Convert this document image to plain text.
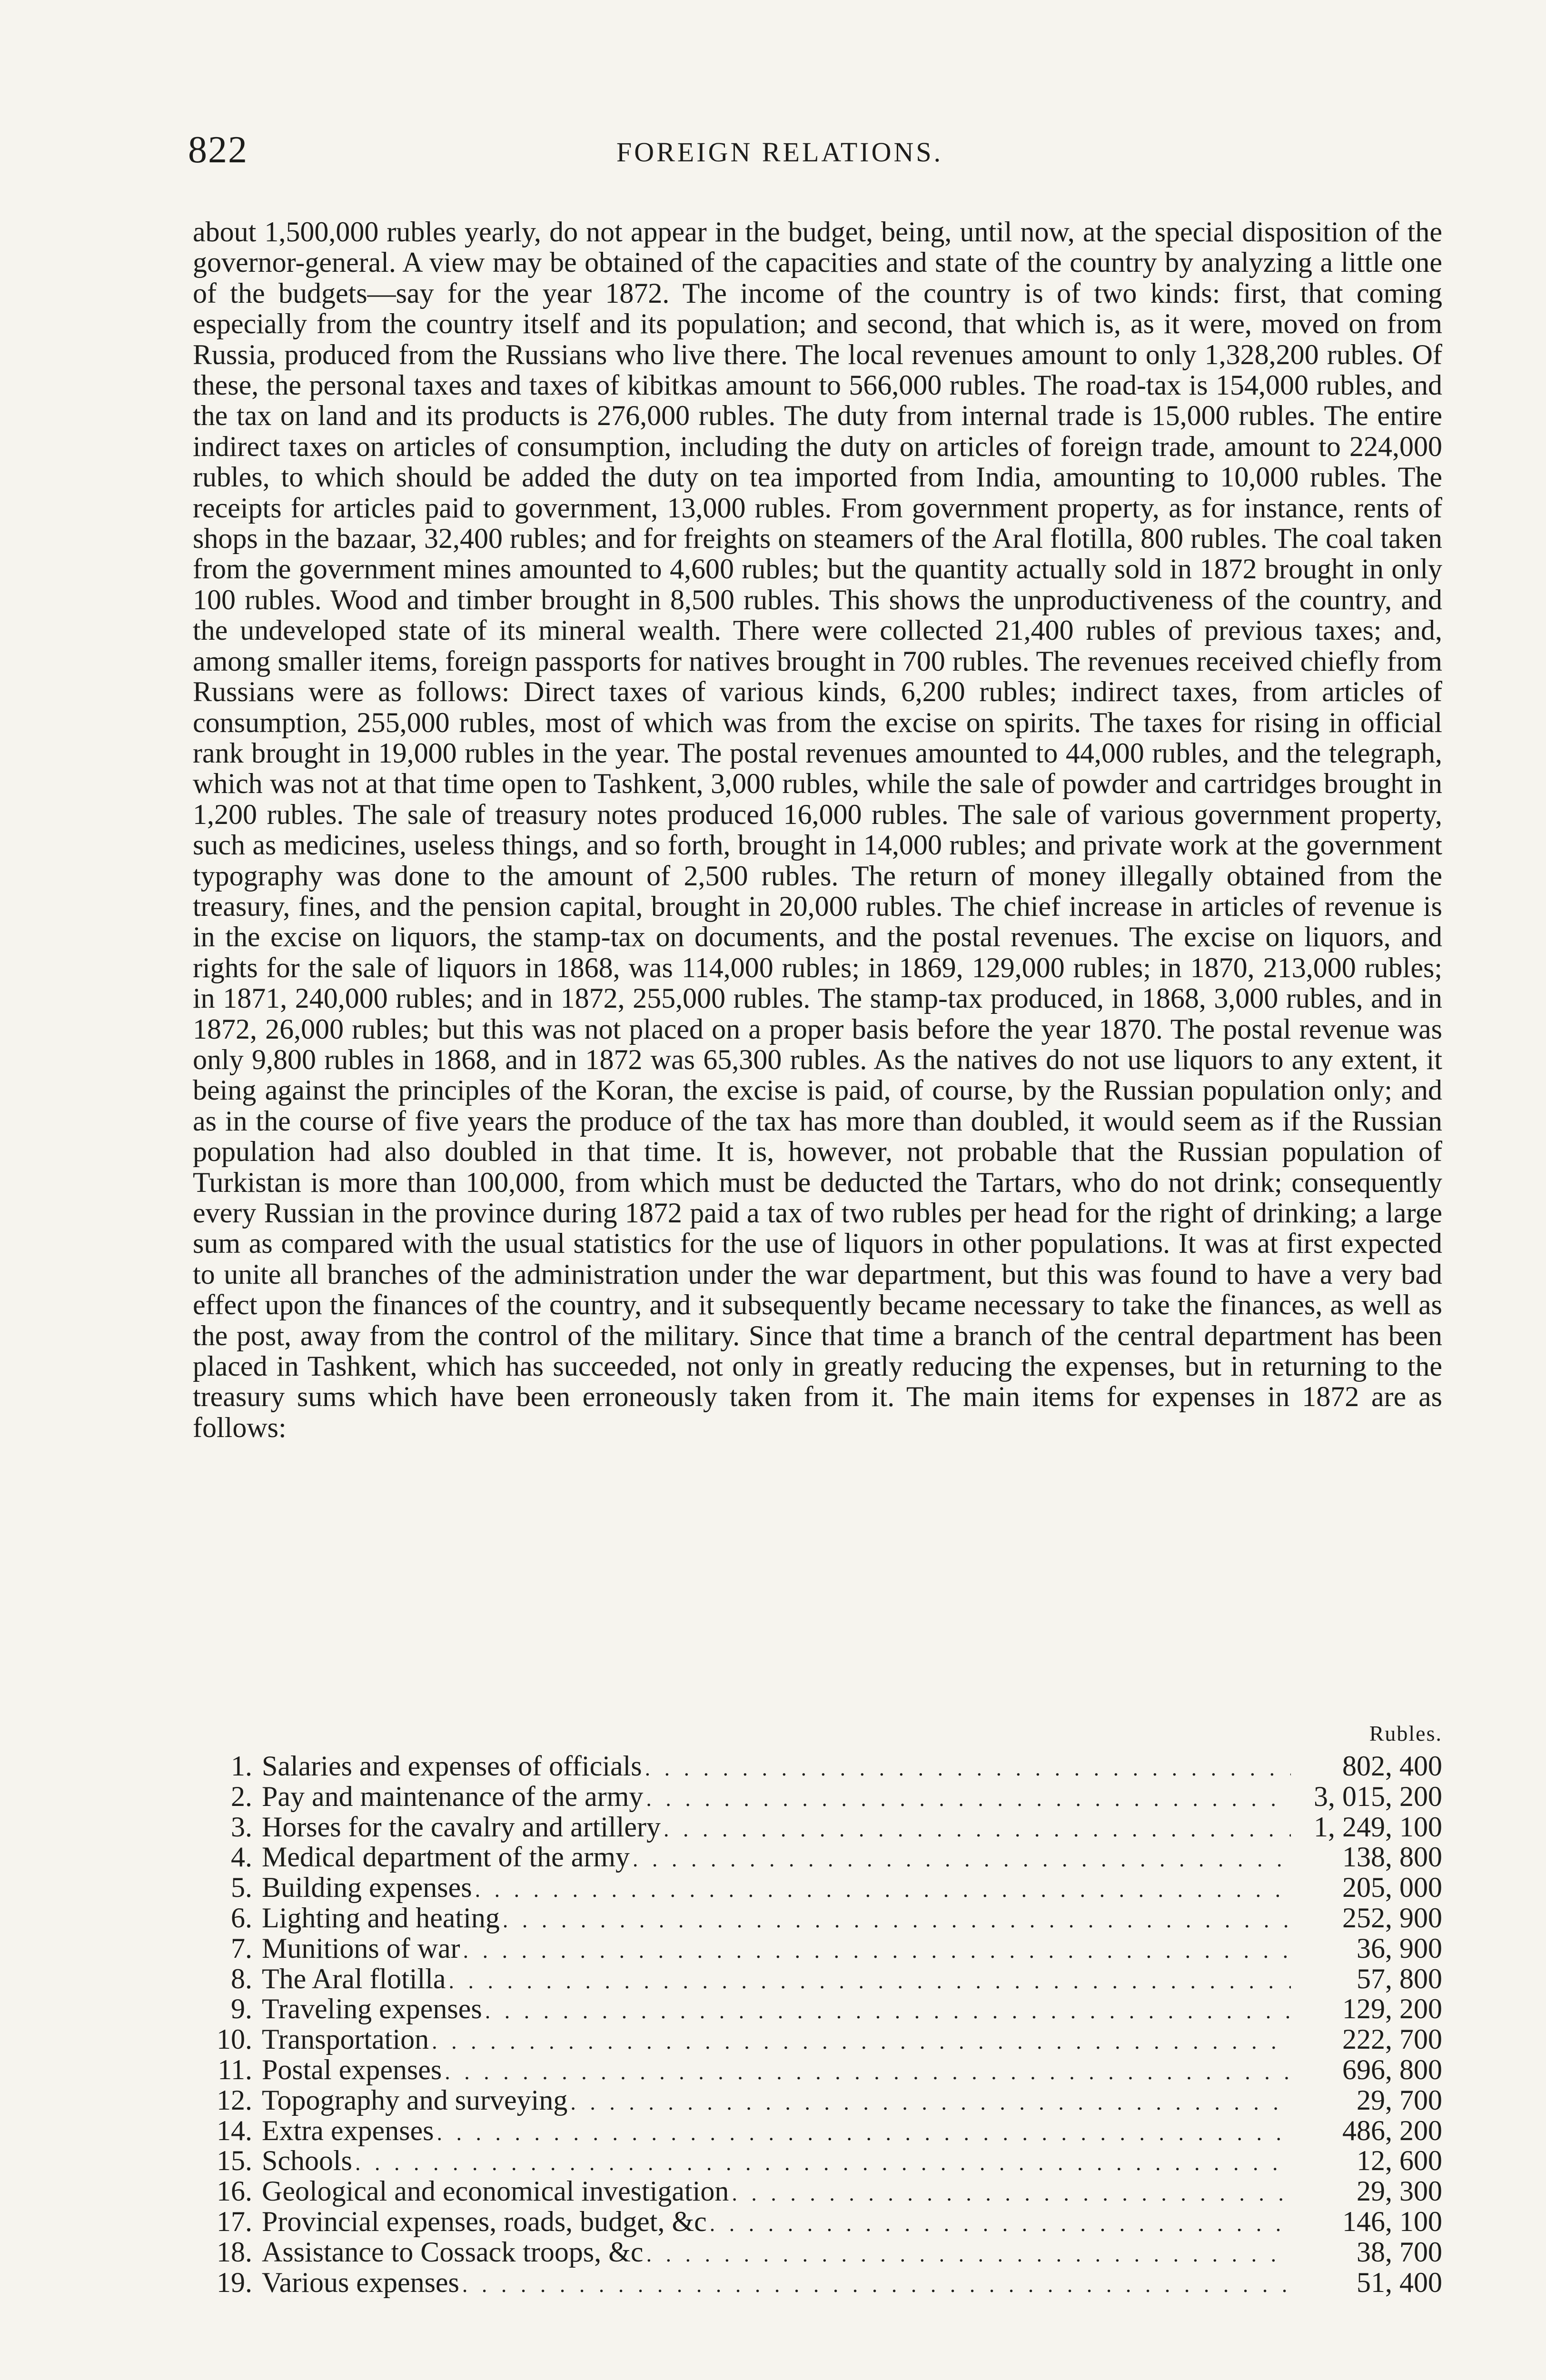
822	FOREIGN RELATIONS.

about 1,500,000 rubles yearly, do not appear in the budget, being, until now, at the special disposition of the governor-general. A view may be obtained of the capacities and state of the country by analyzing a little one of the budgets—say for the year 1872. The income of the country is of two kinds: first, that coming especially from the country itself and its population; and second, that which is, as it were, moved on from Russia, produced from the Russians who live there. The local revenues amount to only 1,328,200 rubles. Of these, the personal taxes and taxes of kibitkas amount to 566,000 rubles. The road-tax is 154,000 rubles, and the tax on land and its products is 276,000 rubles. The duty from internal trade is 15,000 rubles. The entire indirect taxes on articles of consumption, including the duty on articles of foreign trade, amount to 224,000 rubles, to which should be added the duty on tea imported from India, amounting to 10,000 rubles. The receipts for articles paid to government, 13,000 rubles. From government property, as for instance, rents of shops in the bazaar, 32,400 rubles; and for freights on steamers of the Aral flotilla, 800 rubles. The coal taken from the government mines amounted to 4,600 rubles; but the quantity actually sold in 1872 brought in only 100 rubles. Wood and timber brought in 8,500 rubles. This shows the unproductiveness of the country, and the undeveloped state of its mineral wealth. There were collected 21,400 rubles of previous taxes; and, among smaller items, foreign passports for natives brought in 700 rubles. The revenues received chiefly from Russians were as follows: Direct taxes of various kinds, 6,200 rubles; indirect taxes, from articles of consumption, 255,000 rubles, most of which was from the excise on spirits. The taxes for rising in official rank brought in 19,000 rubles in the year. The postal revenues amounted to 44,000 rubles, and the telegraph, which was not at that time open to Tashkent, 3,000 rubles, while the sale of powder and cartridges brought in 1,200 rubles. The sale of treasury notes produced 16,000 rubles. The sale of various government property, such as medicines, useless things, and so forth, brought in 14,000 rubles; and private work at the government typography was done to the amount of 2,500 rubles. The return of money illegally obtained from the treasury, fines, and the pension capital, brought in 20,000 rubles. The chief increase in articles of revenue is in the excise on liquors, the stamp-tax on documents, and the postal revenues. The excise on liquors, and rights for the sale of liquors in 1868, was 114,000 rubles; in 1869, 129,000 rubles; in 1870, 213,000 rubles; in 1871, 240,000 rubles; and in 1872, 255,000 rubles. The stamp-tax produced, in 1868, 3,000 rubles, and in 1872, 26,000 rubles; but this was not placed on a proper basis before the year 1870. The postal revenue was only 9,800 rubles in 1868, and in 1872 was 65,300 rubles. As the natives do not use liquors to any extent, it being against the principles of the Koran, the excise is paid, of course, by the Russian population only; and as in the course of five years the produce of the tax has more than doubled, it would seem as if the Russian population had also doubled in that time. It is, however, not probable that the Russian population of Turkistan is more than 100,000, from which must be deducted the Tartars, who do not drink; consequently every Russian in the province during 1872 paid a tax of two rubles per head for the right of drinking; a large sum as compared with the usual statistics for the use of liquors in other populations. It was at first expected to unite all branches of the administration under the war department, but this was found to have a very bad effect upon the finances of the country, and it subsequently became necessary to take the finances, as well as the post, away from the control of the military. Since that time a branch of the central department has been placed in Tashkent, which has succeeded, not only in greatly reducing the expenses, but in returning to the treasury sums which have been erroneously taken from it. The main items for expenses in 1872 are as follows:

Rubles.
1. Salaries and expenses of officials . . .	802, 400
2. Pay and maintenance of the army . . .	3, 015, 200
3. Horses for the cavalry and artillery . . .	1, 249, 100
4. Medical department of the army . . .	138, 800
5. Building expenses . . .	205, 000
6. Lighting and heating . . .	252, 900
7. Munitions of war . . .	36, 900
8. The Aral flotilla . . .	57, 800
9. Traveling expenses . . .	129, 200
10. Transportation . . .	222, 700
11. Postal expenses . . .	696, 800
12. Topography and surveying . . .	29, 700
14. Extra expenses . . .	486, 200
15. Schools . . .	12, 600
16. Geological and economical investigation . . .	29, 300
17. Provincial expenses, roads, budget, &c . . .	146, 100
18. Assistance to Cossack troops, &c . . .	38, 700
19. Various expenses . . .	51, 400
